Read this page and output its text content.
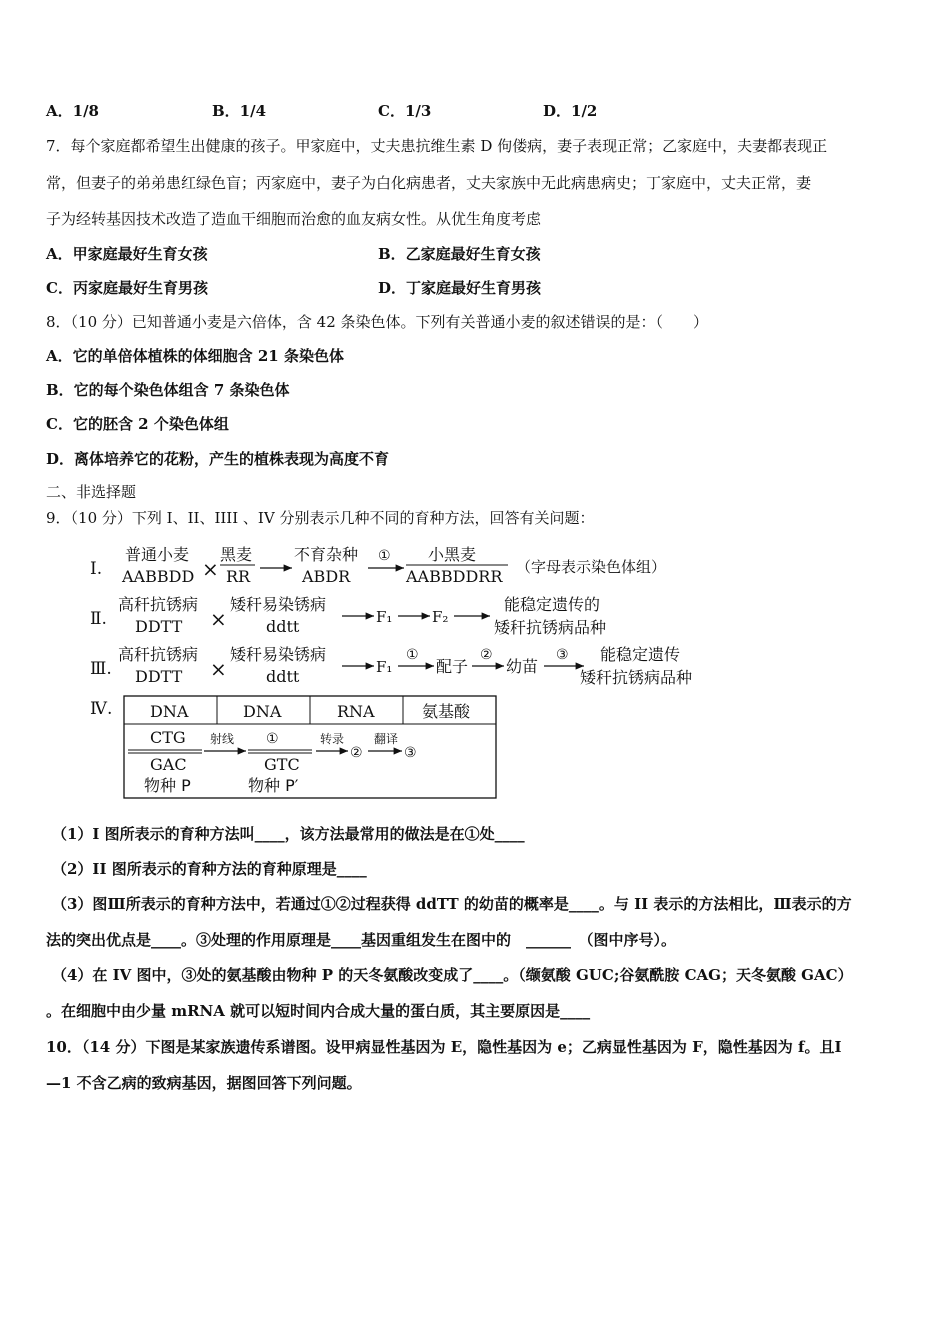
A．1/8	B．1/4	C．1/3	D．1/2
7．每个家庭都希望生出健康的孩子。甲家庭中，丈夫患抗维生素 D 佝偻病，妻子表现正常；乙家庭中，夫妻都表现正
常，但妻子的弟弟患红绿色盲；丙家庭中，妻子为白化病患者，丈夫家族中无此病患病史；丁家庭中，丈夫正常，妻
子为经转基因技术改造了造血干细胞而治愈的血友病女性。从优生角度考虑
A．甲家庭最好生育女孩	B．乙家庭最好生育女孩
C．丙家庭最好生育男孩	D．丁家庭最好生育男孩
8．（10 分）已知普通小麦是六倍体，含 42 条染色体。下列有关普通小麦的叙述错误的是：（　　）
A．它的单倍体植株的体细胞含 21 条染色体
B．它的每个染色体组含 7 条染色体
C．它的胚含 2 个染色体组
D．离体培养它的花粉，产生的植株表现为高度不育
二、非选择题
9．（10 分）下列 I、II、IIII 、IV 分别表示几种不同的育种方法，回答有关问题：
Ⅰ.
普通小麦
AABBDD ×
黑麦
RR
不育杂种
ABDR
① 小黑麦
AABBDDRR （字母表示染色体组）
Ⅱ.
高秆抗锈病
DDTT ×
矮秆易染锈病
ddtt	F₁	F₂
能稳定遗传的
矮秆抗锈病品种
Ⅲ.
高秆抗锈病
DDTT ×
矮秆易染锈病
ddtt	F₁
①
配子
②
幼苗
③ 能稳定遗传
矮秆抗锈病品种
Ⅳ. DNA	DNA	RNA	氨基酸
CTG
GAC
物种 P
射线 ①
GTC
物种 P′
转录
②
翻译
③
（1）I 图所表示的育种方法叫____，该方法最常用的做法是在①处____
（2）II 图所表示的育种方法的育种原理是____
（3）图Ⅲ所表示的育种方法中，若通过①②过程获得 ddTT 的幼苗的概率是____。与 II 表示的方法相比，Ⅲ表示的方
法的突出优点是____。③处理的作用原理是____基因重组发生在图中的　______　（图中序号）。
（4）在 IV 图中，③处的氨基酸由物种 P 的天冬氨酸改变成了____。（缬氨酸 GUC;谷氨酰胺 CAG；天冬氨酸 GAC）
。在细胞中由少量 mRNA 就可以短时间内合成大量的蛋白质，其主要原因是____
10．（14 分）下图是某家族遗传系谱图。设甲病显性基因为 E，隐性基因为 e；乙病显性基因为 F，隐性基因为 f。且Ⅰ
—1 不含乙病的致病基因，据图回答下列问题。
